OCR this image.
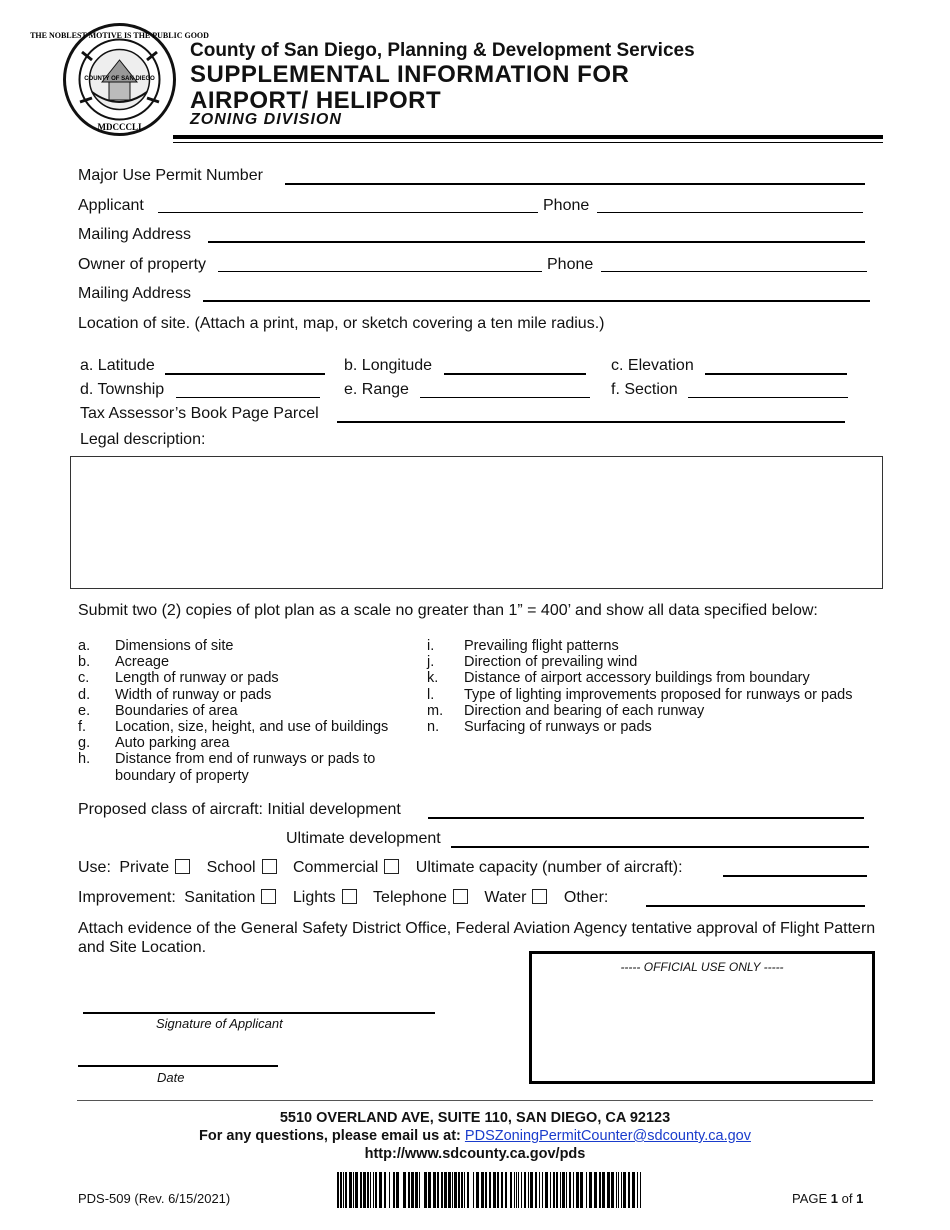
THE NOBLEST MOTIVE IS THE PUBLIC GOOD
COUNTY OF SAN DIEGO
MDCCCLI
County of San Diego, Planning & Development Services
SUPPLEMENTAL INFORMATION FOR
AIRPORT/ HELIPORT
ZONING DIVISION
Major Use Permit Number
Applicant	Phone
Mailing Address
Owner of property	Phone
Mailing Address
Location of site. (Attach a print, map, or sketch covering a ten mile radius.)
a. Latitude	b. Longitude	c. Elevation
d. Township	e. Range	f. Section
Tax Assessor’s Book Page Parcel
Legal description:
Submit two (2) copies of plot plan as a scale no greater than 1” = 400’ and show all data specified below:
a. Dimensions of site
b. Acreage
c. Length of runway or pads
d. Width of runway or pads
e. Boundaries of area
f. Location, size, height, and use of buildings
g. Auto parking area
h. Distance from end of runways or pads to
boundary of property
i. Prevailing flight patterns
j. Direction of prevailing wind
k. Distance of airport accessory buildings from boundary
l. Type of lighting improvements proposed for runways or pads
m. Direction and bearing of each runway
n. Surfacing of runways or pads
Proposed class of aircraft: Initial development
Ultimate development
Use: Private School Commercial Ultimate capacity (number of aircraft):
Improvement: Sanitation Lights Telephone Water Other:
Attach evidence of the General Safety District Office, Federal Aviation Agency tentative approval of Flight Pattern and Site Location.
----- OFFICIAL USE ONLY -----
Signature of Applicant
Date
5510 OVERLAND AVE, SUITE 110, SAN DIEGO, CA 92123
For any questions, please email us at: PDSZoningPermitCounter@sdcounty.ca.gov
http://www.sdcounty.ca.gov/pds
PDS-509 (Rev. 6/15/2021)	PAGE 1 of 1
